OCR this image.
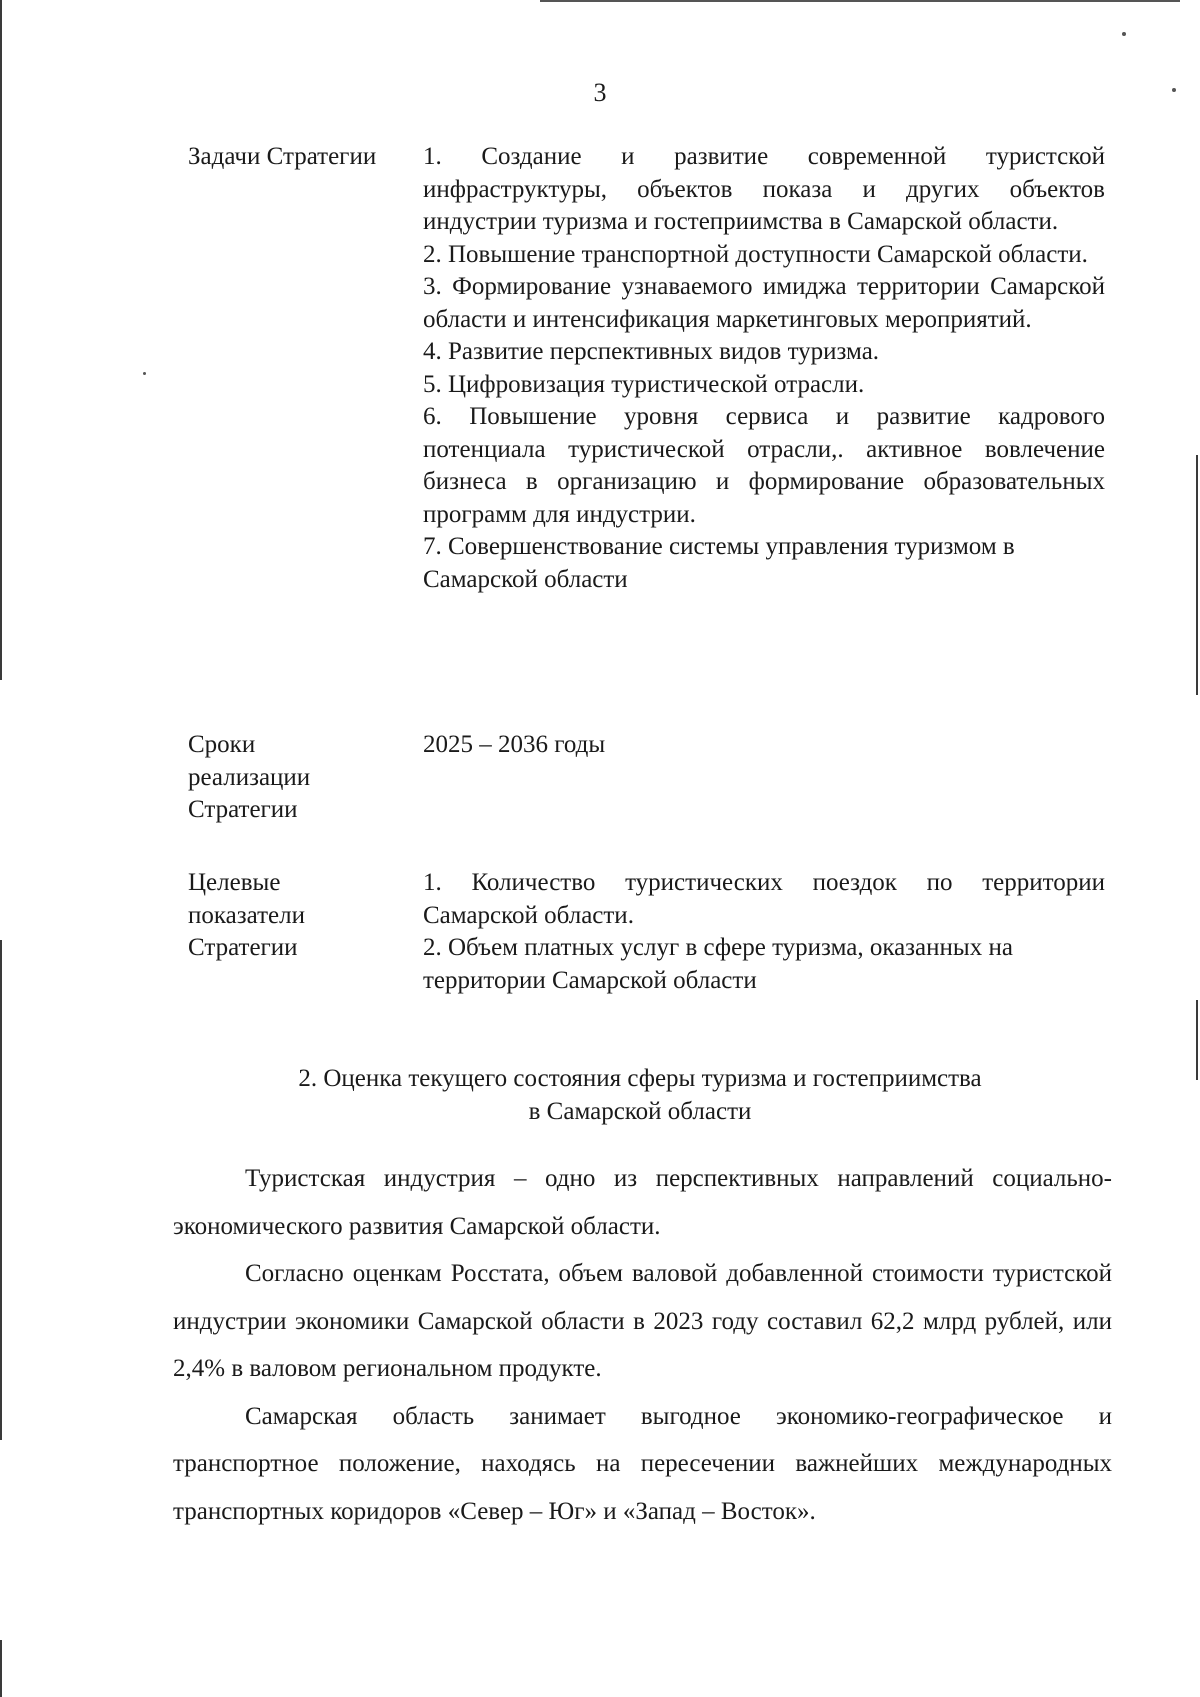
3
Задачи Стратегии	1. Создание и развитие современной туристской инфраструктуры, объектов показа и других объектов индустрии туризма и гостеприимства в Самарской области.

2. Повышение транспортной доступности Самарской области.

3. Формирование узнаваемого имиджа территории Самарской области и интенсификация маркетинговых мероприятий.

4. Развитие перспективных видов туризма.

5. Цифровизация туристической отрасли.

6. Повышение уровня сервиса и развитие кадрового потенциала туристической отрасли,. активное вовлечение бизнеса в организацию и формирование образовательных программ для индустрии.

7. Совершенствование системы управления туризмом в Самарской области

Сроки
реализации
Стратегии
2025 – 2036 годы
Целевые
показатели
Стратегии

1. Количество туристических поездок по территории Самарской области.

2. Объем платных услуг в сфере туризма, оказанных на территории Самарской области

2. Оценка текущего состояния сферы туризма и гостеприимства
в Самарской области

Туристская индустрия – одно из перспективных направлений социально-экономического развития Самарской области.

Согласно оценкам Росстата, объем валовой добавленной стоимости туристской индустрии экономики Самарской области в 2023 году составил 62,2 млрд рублей, или 2,4% в валовом региональном продукте.

Самарская область занимает выгодное экономико-географическое и транспортное положение, находясь на пересечении важнейших международных транспортных коридоров «Север – Юг» и «Запад – Восток».
